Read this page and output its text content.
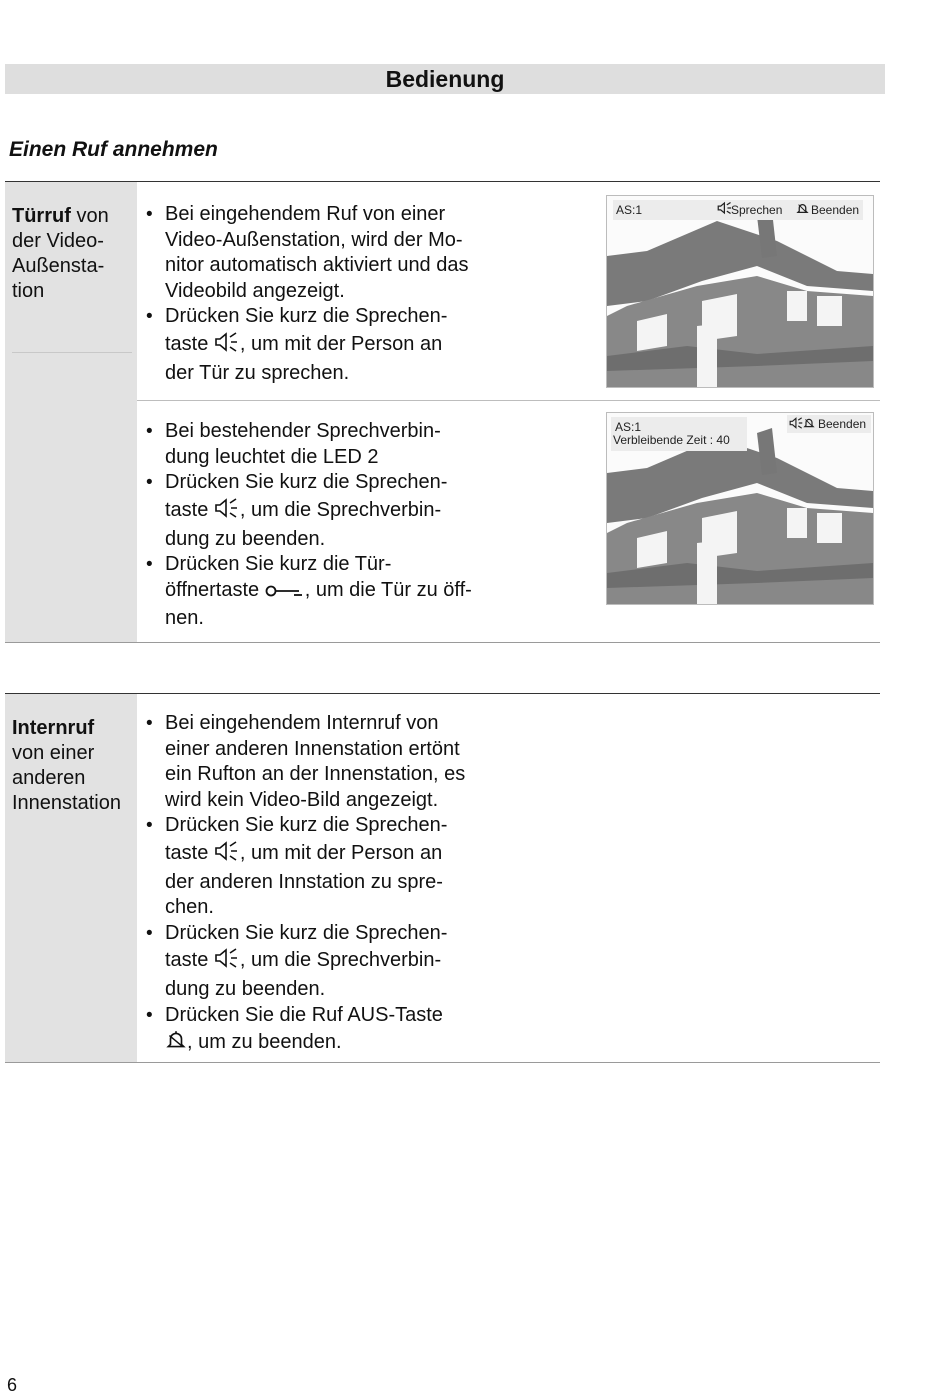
Bedienung
Einen Ruf annehmen
Türruf von
der Video-
Außensta-
tion
• Bei eingehendem Ruf von einer
Video-Außenstation, wird der Mo-
nitor automatisch aktiviert und das
Videobild angezeigt.
• Drücken Sie kurz die Sprechen-
taste , um mit der Person an
der Tür zu sprechen.
AS:1	Sprechen Beenden
• Bei bestehender Sprechverbin-
dung leuchtet die LED 2
• Drücken Sie kurz die Sprechen-
taste , um die Sprechverbin-
dung zu beenden.
• Drücken Sie kurz die Tür-
öffnertaste , um die Tür zu öff-
nen.
AS:1
Verbleibende Zeit : 40
Beenden
Internruf
von einer
anderen
Innenstation
• Bei eingehendem Internruf von
einer anderen Innenstation ertönt
ein Rufton an der Innenstation, es
wird kein Video-Bild angezeigt.
• Drücken Sie kurz die Sprechen-
taste , um mit der Person an
der anderen Innstation zu spre-
chen.
• Drücken Sie kurz die Sprechen-
taste , um die Sprechverbin-
dung zu beenden.
• Drücken Sie die Ruf AUS-Taste
, um zu beenden.
6
